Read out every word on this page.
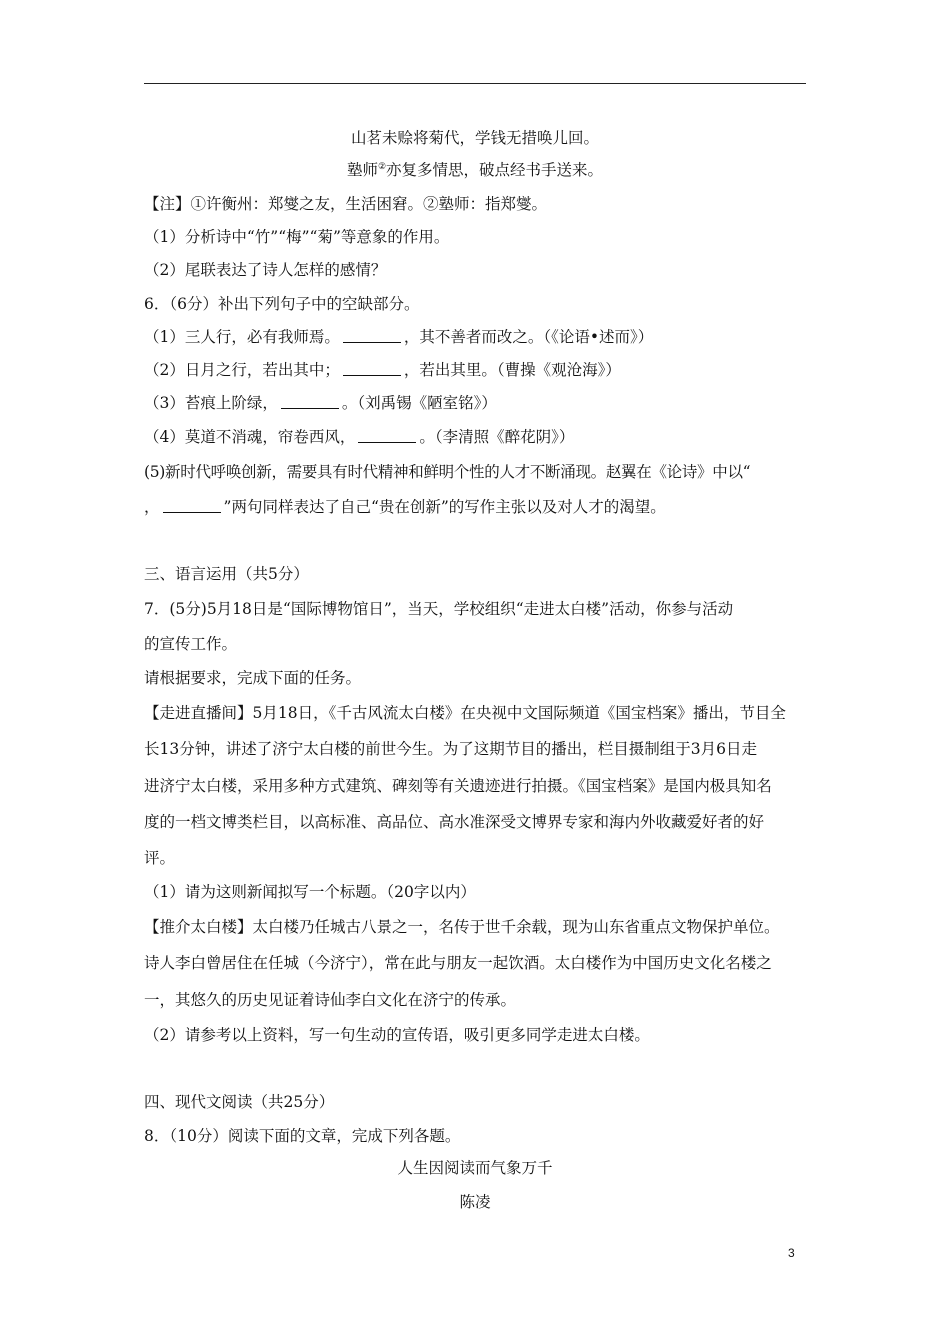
山茗未赊将菊代，学钱无措唤儿回。
塾师②亦复多情思，破点经书手送来。
【注】①许衡州：郑燮之友，生活困窘。②塾师：指郑燮。
（1）分析诗中“竹”“梅”“菊”等意象的作用。
（2）尾联表达了诗人怎样的感情？
6．（6分）补出下列句子中的空缺部分。
（1）三人行，必有我师焉。	，其不善者而改之。（《论语•述而》）
（2）日月之行，若出其中；	，若出其里。（曹操《观沧海》）
（3）苔痕上阶绿，	。（刘禹锡《陋室铭》）
（4）莫道不消魂，帘卷西风，	。（李清照《醉花阴》）
(5)新时代呼唤创新，需要具有时代精神和鲜明个性的人才不断涌现。赵翼在《论诗》中以“
，	”两句同样表达了自己“贵在创新”的写作主张以及对人才的渴望。
三、语言运用（共5分）
7．(5分)5月18日是“国际博物馆日”，当天，学校组织“走进太白楼”活动，你参与活动
的宣传工作。
请根据要求，完成下面的任务。
【走进直播间】5月18日，《千古风流太白楼》在央视中文国际频道《国宝档案》播出，节目全
长13分钟，讲述了济宁太白楼的前世今生。为了这期节目的播出，栏目摄制组于3月6日走
进济宁太白楼，采用多种方式建筑、碑刻等有关遗迹进行拍摄。《国宝档案》是国内极具知名
度的一档文博类栏目，以高标准、高品位、高水准深受文博界专家和海内外收藏爱好者的好
评。
（1）请为这则新闻拟写一个标题。（20字以内）
【推介太白楼】太白楼乃任城古八景之一，名传于世千余载，现为山东省重点文物保护单位。
诗人李白曾居住在任城（今济宁），常在此与朋友一起饮酒。太白楼作为中国历史文化名楼之
一，其悠久的历史见证着诗仙李白文化在济宁的传承。
（2）请参考以上资料，写一句生动的宣传语，吸引更多同学走进太白楼。
四、现代文阅读（共25分）
8．（10分）阅读下面的文章，完成下列各题。
人生因阅读而气象万千
陈凌
3
